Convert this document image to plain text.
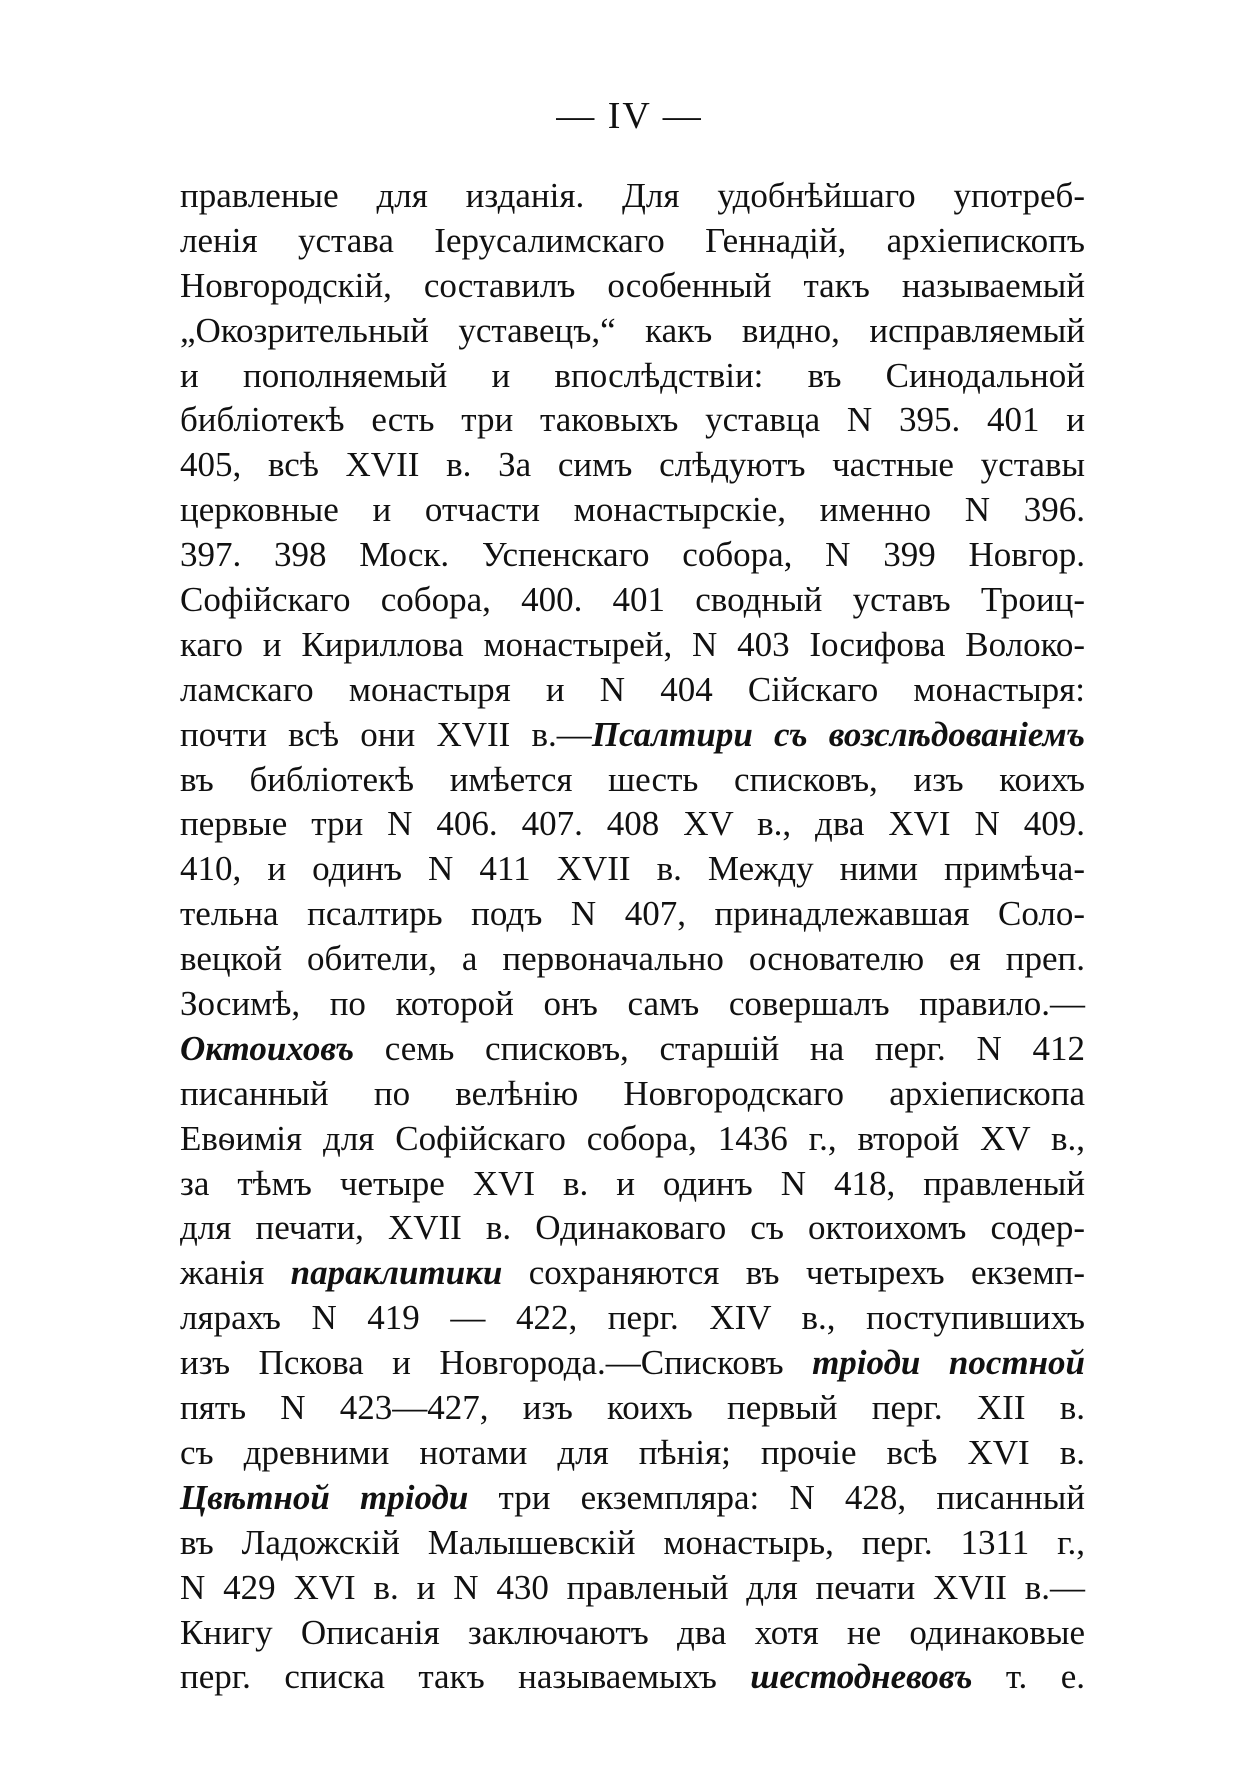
— IV —
правленые для изданія. Для удобнѣйшаго употреб-
ленія устава Іерусалимскаго Геннадій, архіепископъ
Новгородскій, составилъ особенный такъ называемый
„Окозрительный уставецъ,“ какъ видно, исправляемый
и пополняемый и впослѣдствіи: въ Синодальной
библіотекѣ есть три таковыхъ уставца N 395. 401 и
405, всѣ XVII в. За симъ слѣдуютъ частные уставы
церковные и отчасти монастырскіе, именно N 396.
397. 398 Моск. Успенскаго собора, N 399 Новгор.
Софійскаго собора, 400. 401 сводный уставъ Троиц-
каго и Кириллова монастырей, N 403 Іосифова Волоко-
ламскаго монастыря и N 404 Сійскаго монастыря:
почти всѣ они XVII в.—Псалтири съ возслѣдованіемъ
въ библіотекѣ имѣется шесть списковъ, изъ коихъ
первые три N 406. 407. 408 XV в., два XVI N 409.
410, и одинъ N 411 XVII в. Между ними примѣча-
тельна псалтирь подъ N 407, принадлежавшая Соло-
вецкой обители, а первоначально основателю ея преп.
Зосимѣ, по которой онъ самъ совершалъ правило.—
Октоиховъ семь списковъ, старшій на перг. N 412
писанный по велѣнію Новгородскаго архіепископа
Евѳимія для Софійскаго собора, 1436 г., второй XV в.,
за тѣмъ четыре XVI в. и одинъ N 418, правленый
для печати, XVII в. Одинаковаго съ октоихомъ содер-
жанія параклитики сохраняются въ четырехъ екземп-
лярахъ N 419 — 422, перг. XIV в., поступившихъ
изъ Пскова и Новгорода.—Списковъ тріоди постной
пять N 423—427, изъ коихъ первый перг. XII в.
съ древними нотами для пѣнія; прочіе всѣ XVI в.
Цвѣтной тріоди три екземпляра: N 428, писанный
въ Ладожскій Малышевскій монастырь, перг. 1311 г.,
N 429 XVI в. и N 430 правленый для печати XVII в.—
Книгу Описанія заключаютъ два хотя не одинаковые
перг. списка такъ называемыхъ шестодневовъ т. е.
